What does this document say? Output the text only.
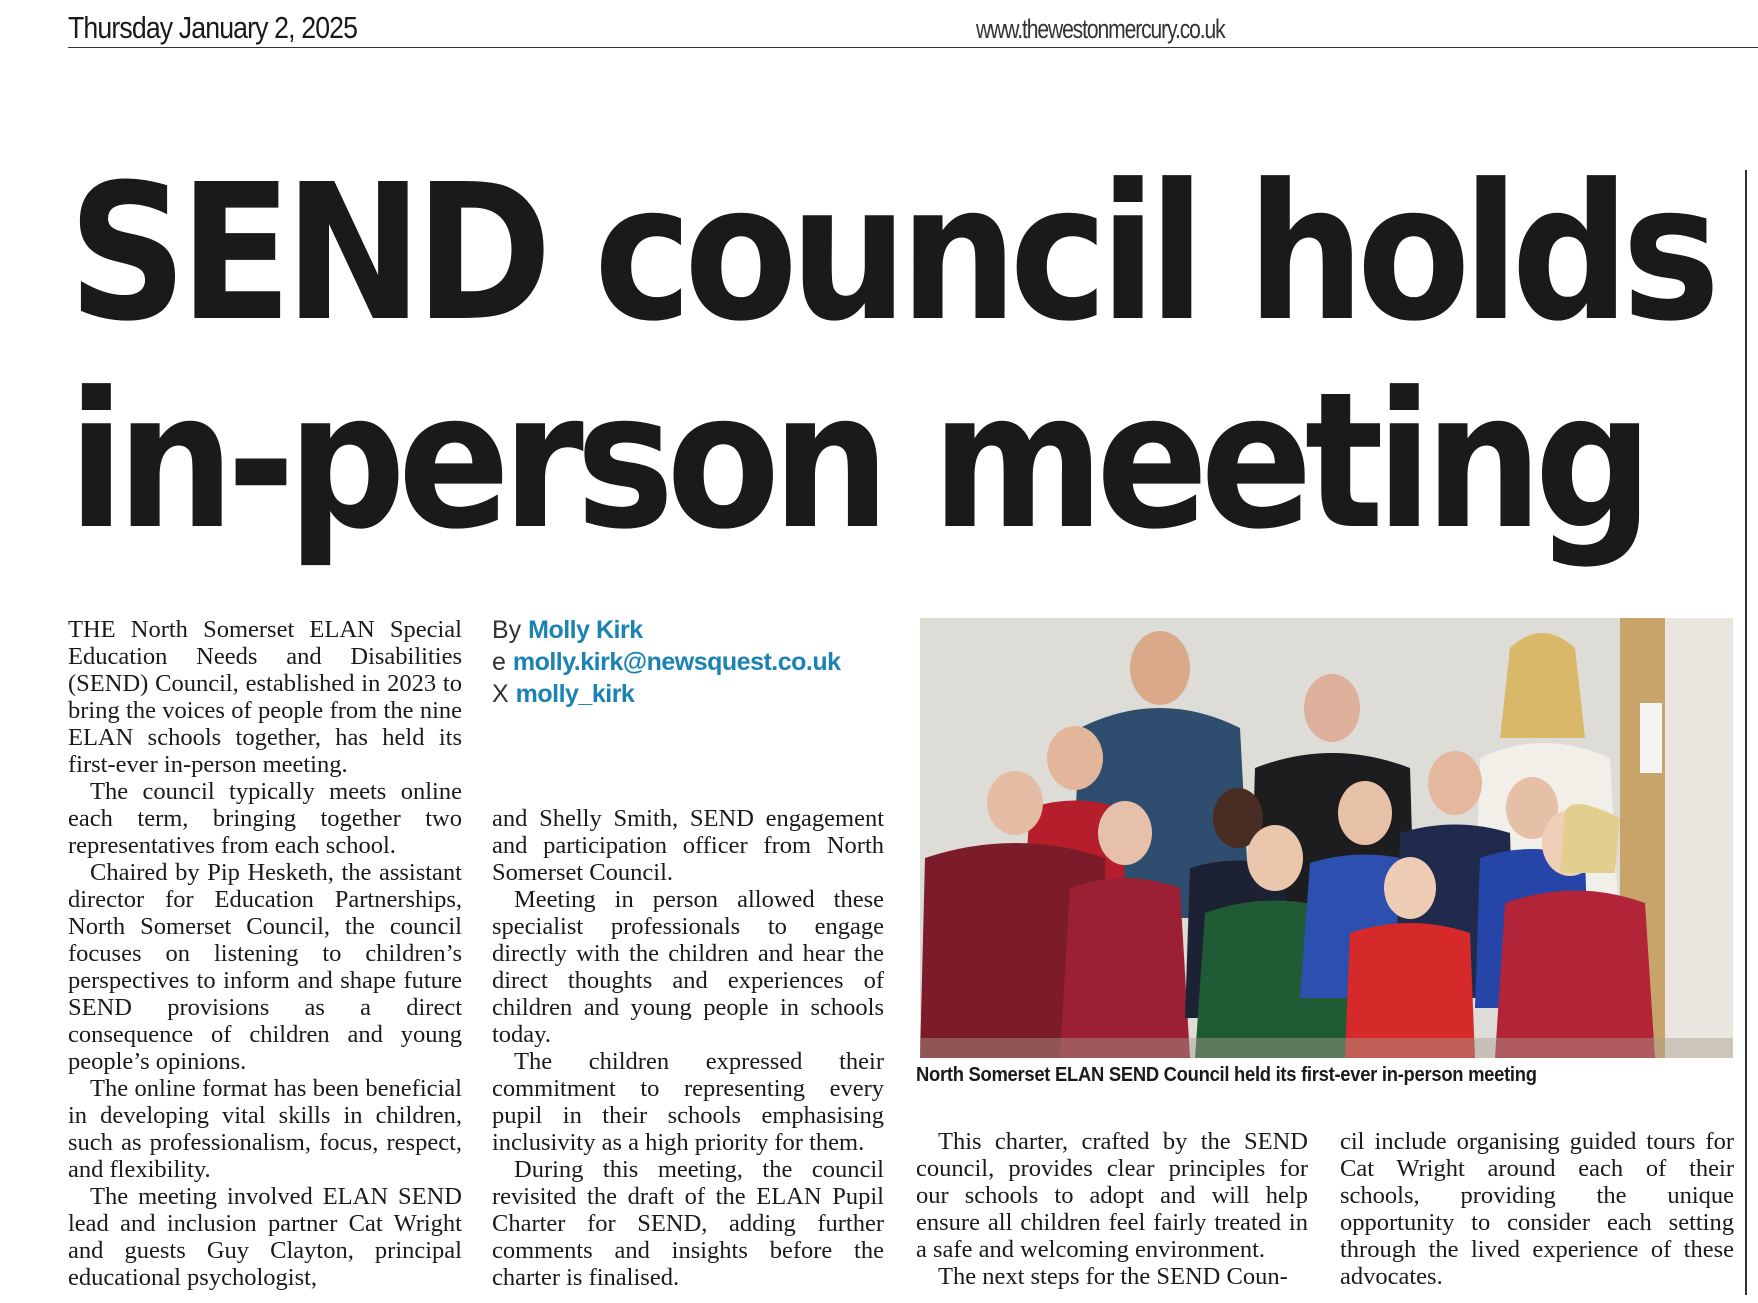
Thursday January 2, 2025	www.thewestonmercury.co.uk
SEND council holds
in-person meeting

THE North Somerset ELAN Special Education Needs and Disabilities (SEND) Council, established in 2023 to bring the voices of people from the nine ELAN schools together, has held its first-ever in-person meeting.

The council typically meets online each term, bringing together two representatives from each school.

Chaired by Pip Hesketh, the assistant director for Education Partnerships, North Somerset Council, the council focuses on listening to children’s perspectives to inform and shape future SEND provisions as a direct consequence of children and young people’s opinions.

The online format has been beneficial in developing vital skills in children, such as professionalism, focus, respect, and flexibility.

The meeting involved ELAN SEND lead and inclusion partner Cat Wright and guests Guy Clayton, principal educational psychologist,

By Molly Kirk
e molly.kirk@newsquest.co.uk
X molly_kirk

and Shelly Smith, SEND engagement and participation officer from North Somerset Council.

Meeting in person allowed these specialist professionals to engage directly with the children and hear the direct thoughts and experiences of children and young people in schools today.

The children expressed their commitment to representing every pupil in their schools emphasising inclusivity as a high priority for them.

During this meeting, the council revisited the draft of the ELAN Pupil Charter for SEND, adding further comments and insights before the charter is finalised.

North Somerset ELAN SEND Council held its first-ever in-person meeting

This charter, crafted by the SEND council, provides clear principles for our schools to adopt and will help ensure all children feel fairly treated in a safe and welcoming environment.

The next steps for the SEND Coun-

cil include organising guided tours for Cat Wright around each of their schools, providing the unique opportunity to consider each setting through the lived experience of these advocates.
